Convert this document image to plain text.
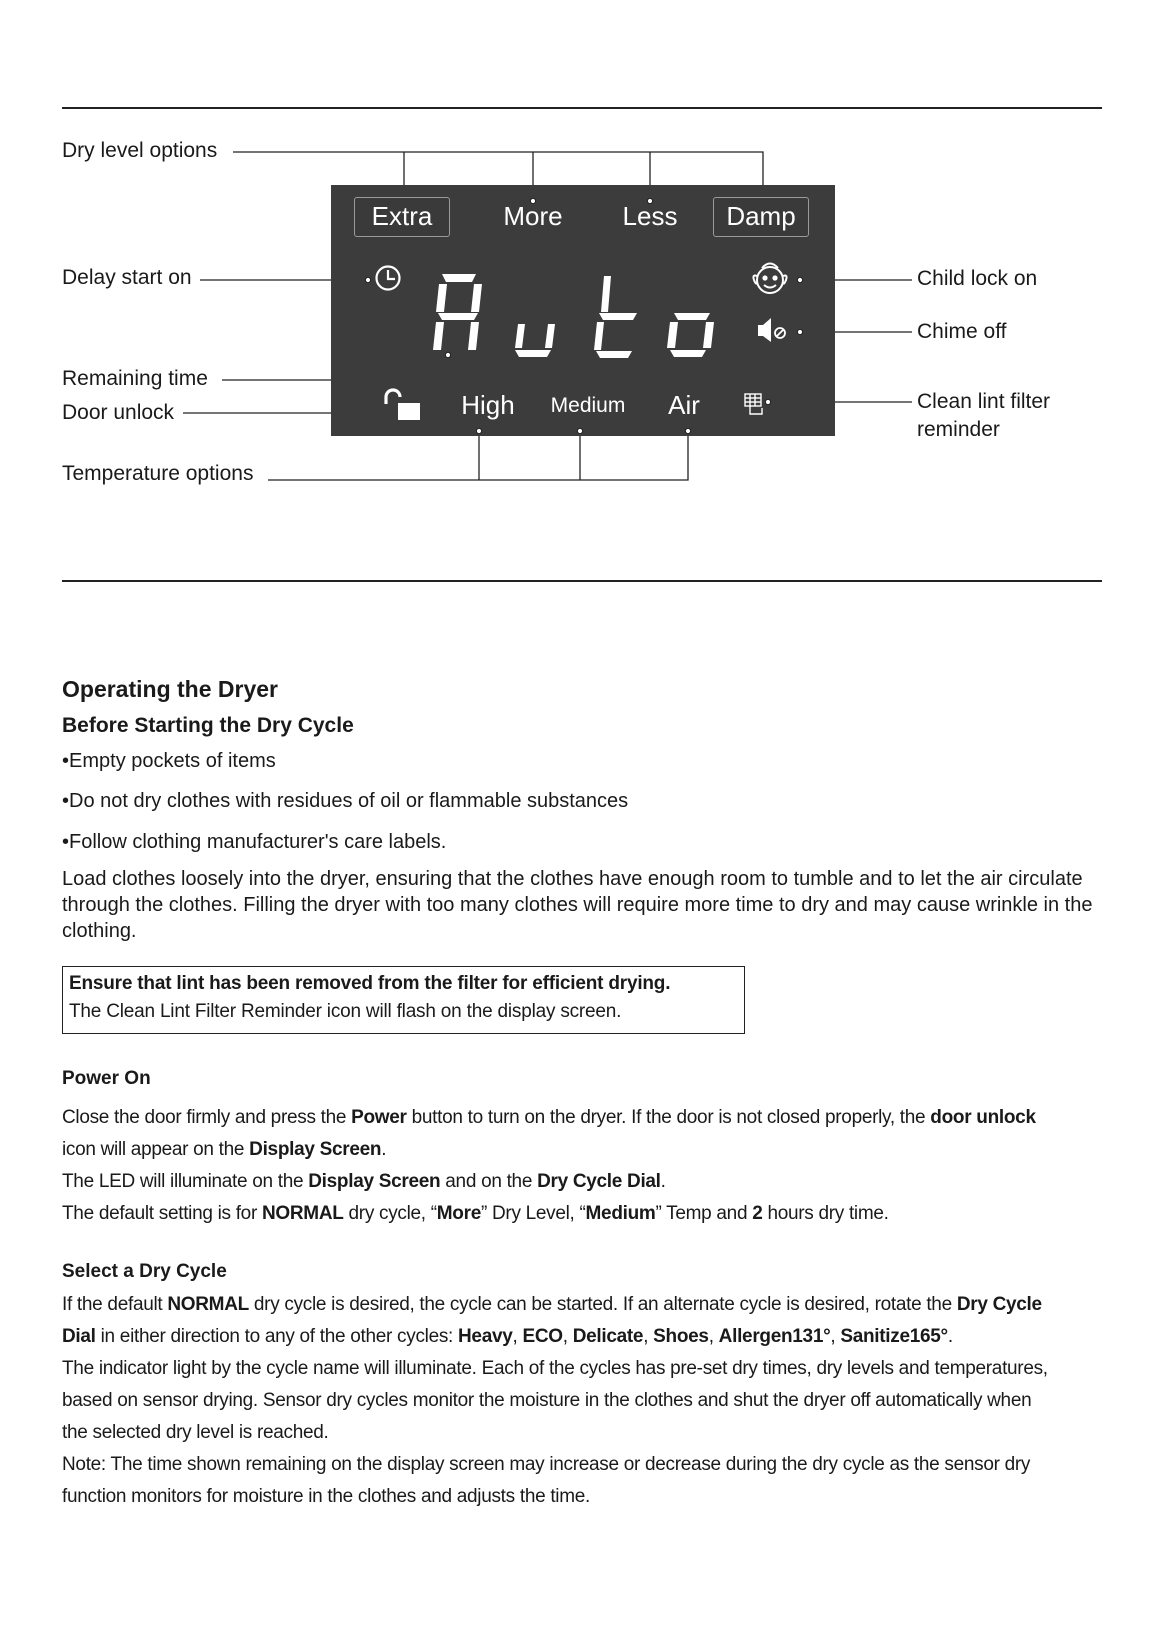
Extra	More	Less	Damp
High	Medium	Air
Dry level options
Delay start on
Remaining time
Door unlock
Temperature options
Child lock on
Chime off
Clean lint filter
reminder
Operating the Dryer
Before Starting the Dry Cycle
•Empty pockets of items
•Do not dry clothes with residues of oil or flammable substances
•Follow clothing manufacturer's care labels.
Load clothes loosely into the dryer, ensuring that the clothes have enough room to tumble and to let the air circulate through the clothes. Filling the dryer with too many clothes will require more time to dry and may cause wrinkle in the clothing.
Ensure that lint has been removed from the filter for efficient drying.
The Clean Lint Filter Reminder icon will flash on the display screen.
Power On
Close the door firmly and press the Power button to turn on the dryer. If the door is not closed properly, the door unlock
icon will appear on the Display Screen.
The LED will illuminate on the Display Screen and on the Dry Cycle Dial.
The default setting is for NORMAL dry cycle, “More” Dry Level, “Medium” Temp and 2 hours dry time.
Select a Dry Cycle
If the default NORMAL dry cycle is desired, the cycle can be started. If an alternate cycle is desired, rotate the Dry Cycle
Dial in either direction to any of the other cycles: Heavy, ECO, Delicate, Shoes, Allergen131°, Sanitize165°.
The indicator light by the cycle name will illuminate. Each of the cycles has pre-set dry times, dry levels and temperatures,
based on sensor drying. Sensor dry cycles monitor the moisture in the clothes and shut the dryer off automatically when
the selected dry level is reached.
Note: The time shown remaining on the display screen may increase or decrease during the dry cycle as the sensor dry
function monitors for moisture in the clothes and adjusts the time.
